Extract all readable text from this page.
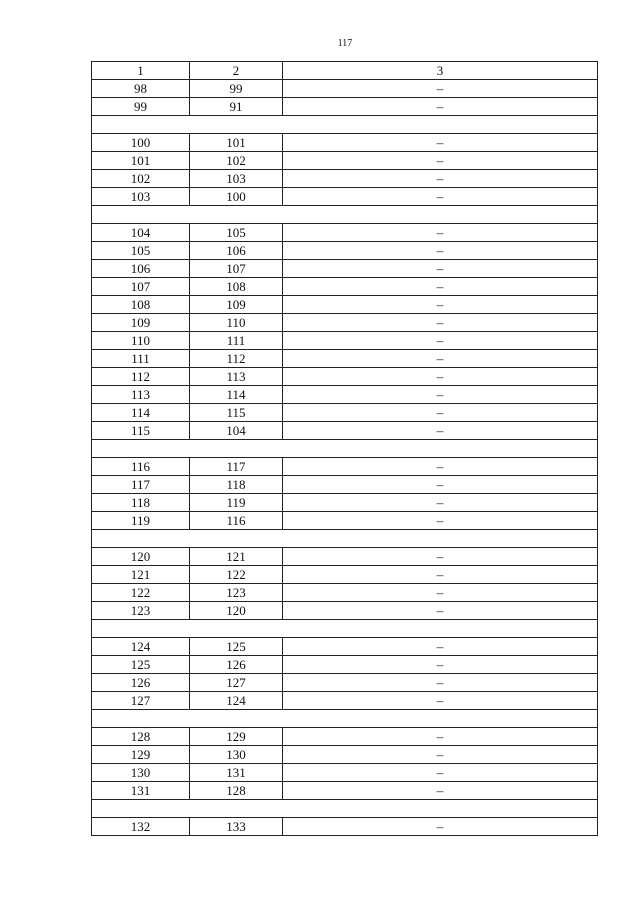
117
1	2	3
98	99	–
99	91	–

100	101	–
101	102	–
102	103	–
103	100	–

104	105	–
105	106	–
106	107	–
107	108	–
108	109	–
109	110	–
110	111	–
111	112	–
112	113	–
113	114	–
114	115	–
115	104	–

116	117	–
117	118	–
118	119	–
119	116	–

120	121	–
121	122	–
122	123	–
123	120	–

124	125	–
125	126	–
126	127	–
127	124	–

128	129	–
129	130	–
130	131	–
131	128	–

132	133	–
